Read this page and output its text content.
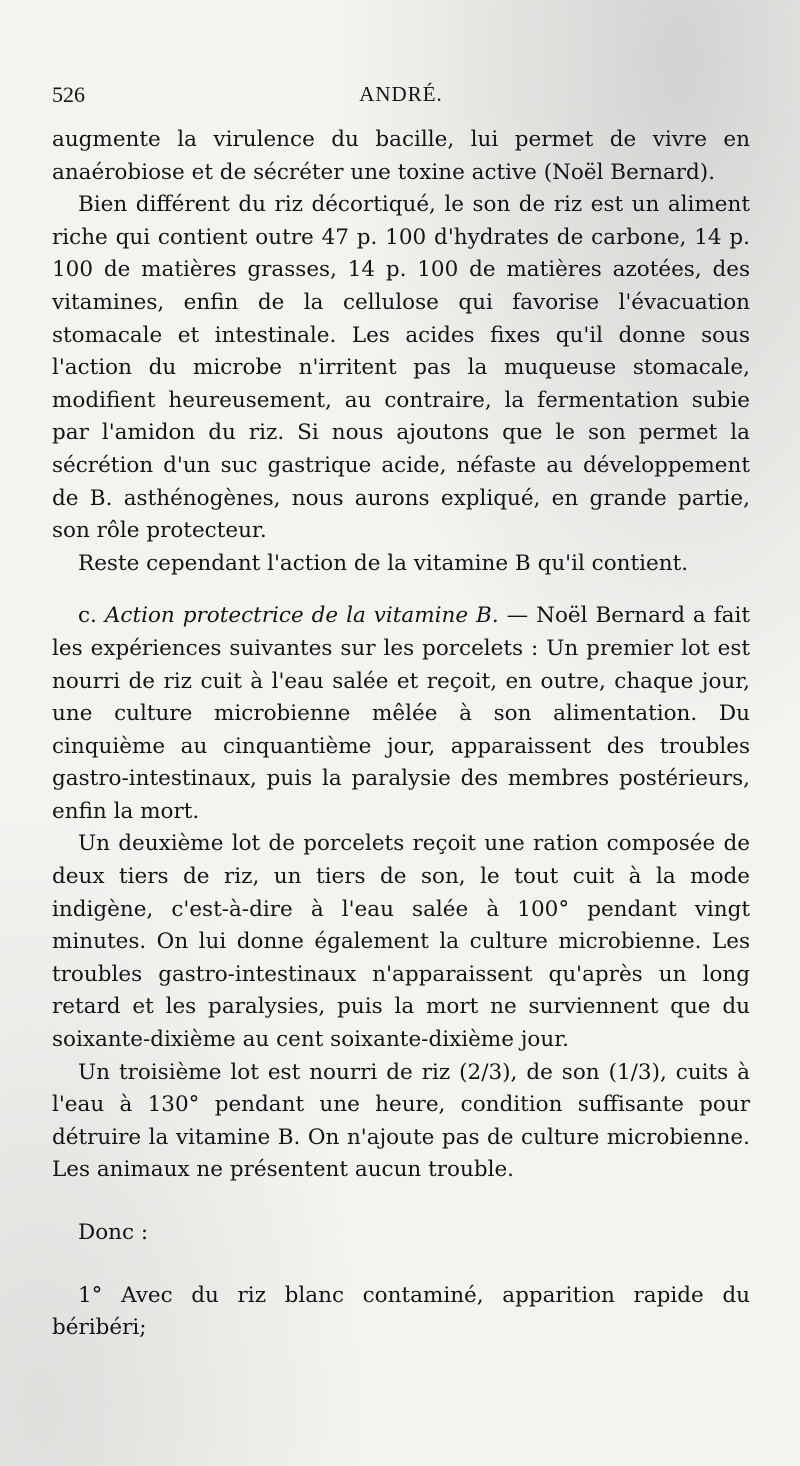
526	ANDRÉ.

augmente la virulence du bacille, lui permet de vivre en anaérobiose et de sécréter une toxine active (Noël Bernard).

Bien différent du riz décortiqué, le son de riz est un aliment riche qui contient outre 47 p. 100 d'hydrates de carbone, 14 p. 100 de matières grasses, 14 p. 100 de matières azotées, des vitamines, enfin de la cellulose qui favorise l'évacuation stomacale et intestinale. Les acides fixes qu'il donne sous l'action du microbe n'irritent pas la muqueuse stomacale, modifient heureusement, au contraire, la fermentation subie par l'amidon du riz. Si nous ajoutons que le son permet la sécrétion d'un suc gastrique acide, néfaste au développement de B. asthénogènes, nous aurons expliqué, en grande partie, son rôle protecteur.

Reste cependant l'action de la vitamine B qu'il contient.

c. Action protectrice de la vitamine B. — Noël Bernard a fait les expériences suivantes sur les porcelets : Un premier lot est nourri de riz cuit à l'eau salée et reçoit, en outre, chaque jour, une culture microbienne mêlée à son alimentation. Du cinquième au cinquantième jour, apparaissent des troubles gastro-intestinaux, puis la paralysie des membres postérieurs, enfin la mort.

Un deuxième lot de porcelets reçoit une ration composée de deux tiers de riz, un tiers de son, le tout cuit à la mode indigène, c'est-à-dire à l'eau salée à 100° pendant vingt minutes. On lui donne également la culture microbienne. Les troubles gastro-intestinaux n'apparaissent qu'après un long retard et les paralysies, puis la mort ne surviennent que du soixante-dixième au cent soixante-dixième jour.

Un troisième lot est nourri de riz (2/3), de son (1/3), cuits à l'eau à 130° pendant une heure, condition suffisante pour détruire la vitamine B. On n'ajoute pas de culture microbienne. Les animaux ne présentent aucun trouble.

Donc :

1° Avec du riz blanc contaminé, apparition rapide du béribéri;
